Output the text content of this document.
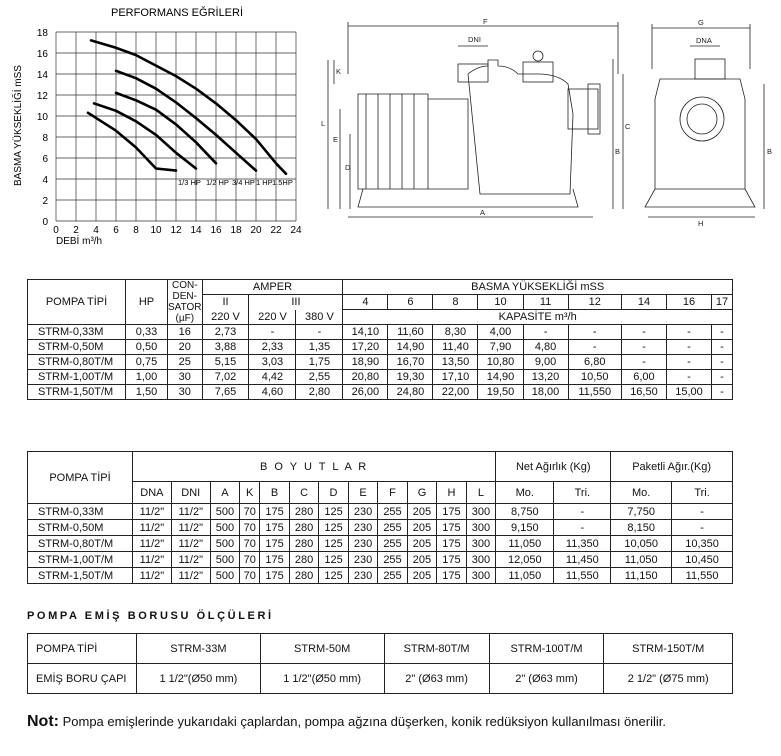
PERFORMANS EĞRİLERİ
BASMA YÜKSEKLİĞİ mSS
DEBİ m³/h
0 2 4 6 8 10 12 14 16 18 20 22 24
0
2
4
6
8
10
12
14
16
18
1/3 HP 1/2 HP 3/4 HP 1 HP 1.5HP
F
DNI
K
L
E
D
A
C
B
G
DNA
B
H
POMPA TİPİ	HP	CON-
DEN-
SATOR
(µF)	AMPER			BASMA YÜKSEKLİĞİ mSS								
			II	III		4	6	8	10	11	12	14	16	17
			220 V	220 V	380 V	KAPASİTE m³/h								
STRM-0,33M	0,33	16	2,73	-	-	14,10	11,60	8,30	4,00	-	-	-	-	-
STRM-0,50M	0,50	20	3,88	2,33	1,35	17,20	14,90	11,40	7,90	4,80	-	-	-	-
STRM-0,80T/M	0,75	25	5,15	3,03	1,75	18,90	16,70	13,50	10,80	9,00	6,80	-	-	-
STRM-1,00T/M	1,00	30	7,02	4,42	2,55	20,80	19,30	17,10	14,90	13,20	10,50	6,00	-	-
STRM-1,50T/M	1,50	30	7,65	4,60	2,80	26,00	24,80	22,00	19,50	18,00	11,550	16,50	15,00	-
POMPA TİPİ	B O Y U T L A R												Net Ağırlık (Kg)		Paketli Ağır.(Kg)	
	DNA	DNI	A	K	B	C	D	E	F	G	H	L	Mo.	Tri.	Mo.	Tri.
STRM-0,33M	11/2"	11/2"	500	70	175	280	125	230	255	205	175	300	8,750	-	7,750	-
STRM-0,50M	11/2"	11/2"	500	70	175	280	125	230	255	205	175	300	9,150	-	8,150	-
STRM-0,80T/M	11/2"	11/2"	500	70	175	280	125	230	255	205	175	300	11,050	11,350	10,050	10,350
STRM-1,00T/M	11/2"	11/2"	500	70	175	280	125	230	255	205	175	300	12,050	11,450	11,050	10,450
STRM-1,50T/M	11/2"	11/2"	500	70	175	280	125	230	255	205	175	300	11,050	11,550	11,150	11,550
POMPA EMİŞ BORUSU ÖLÇÜLERİ
POMPA TİPİ	STRM-33M	STRM-50M	STRM-80T/M	STRM-100T/M	STRM-150T/M
EMİŞ BORU ÇAPI	1 1/2"(Ø50 mm)	1 1/2"(Ø50 mm)	2" (Ø63 mm)	2" (Ø63 mm)	2 1/2" (Ø75 mm)
Not: Pompa emişlerinde yukarıdaki çaplardan, pompa ağzına düşerken, konik redüksiyon kullanılması önerilir.
